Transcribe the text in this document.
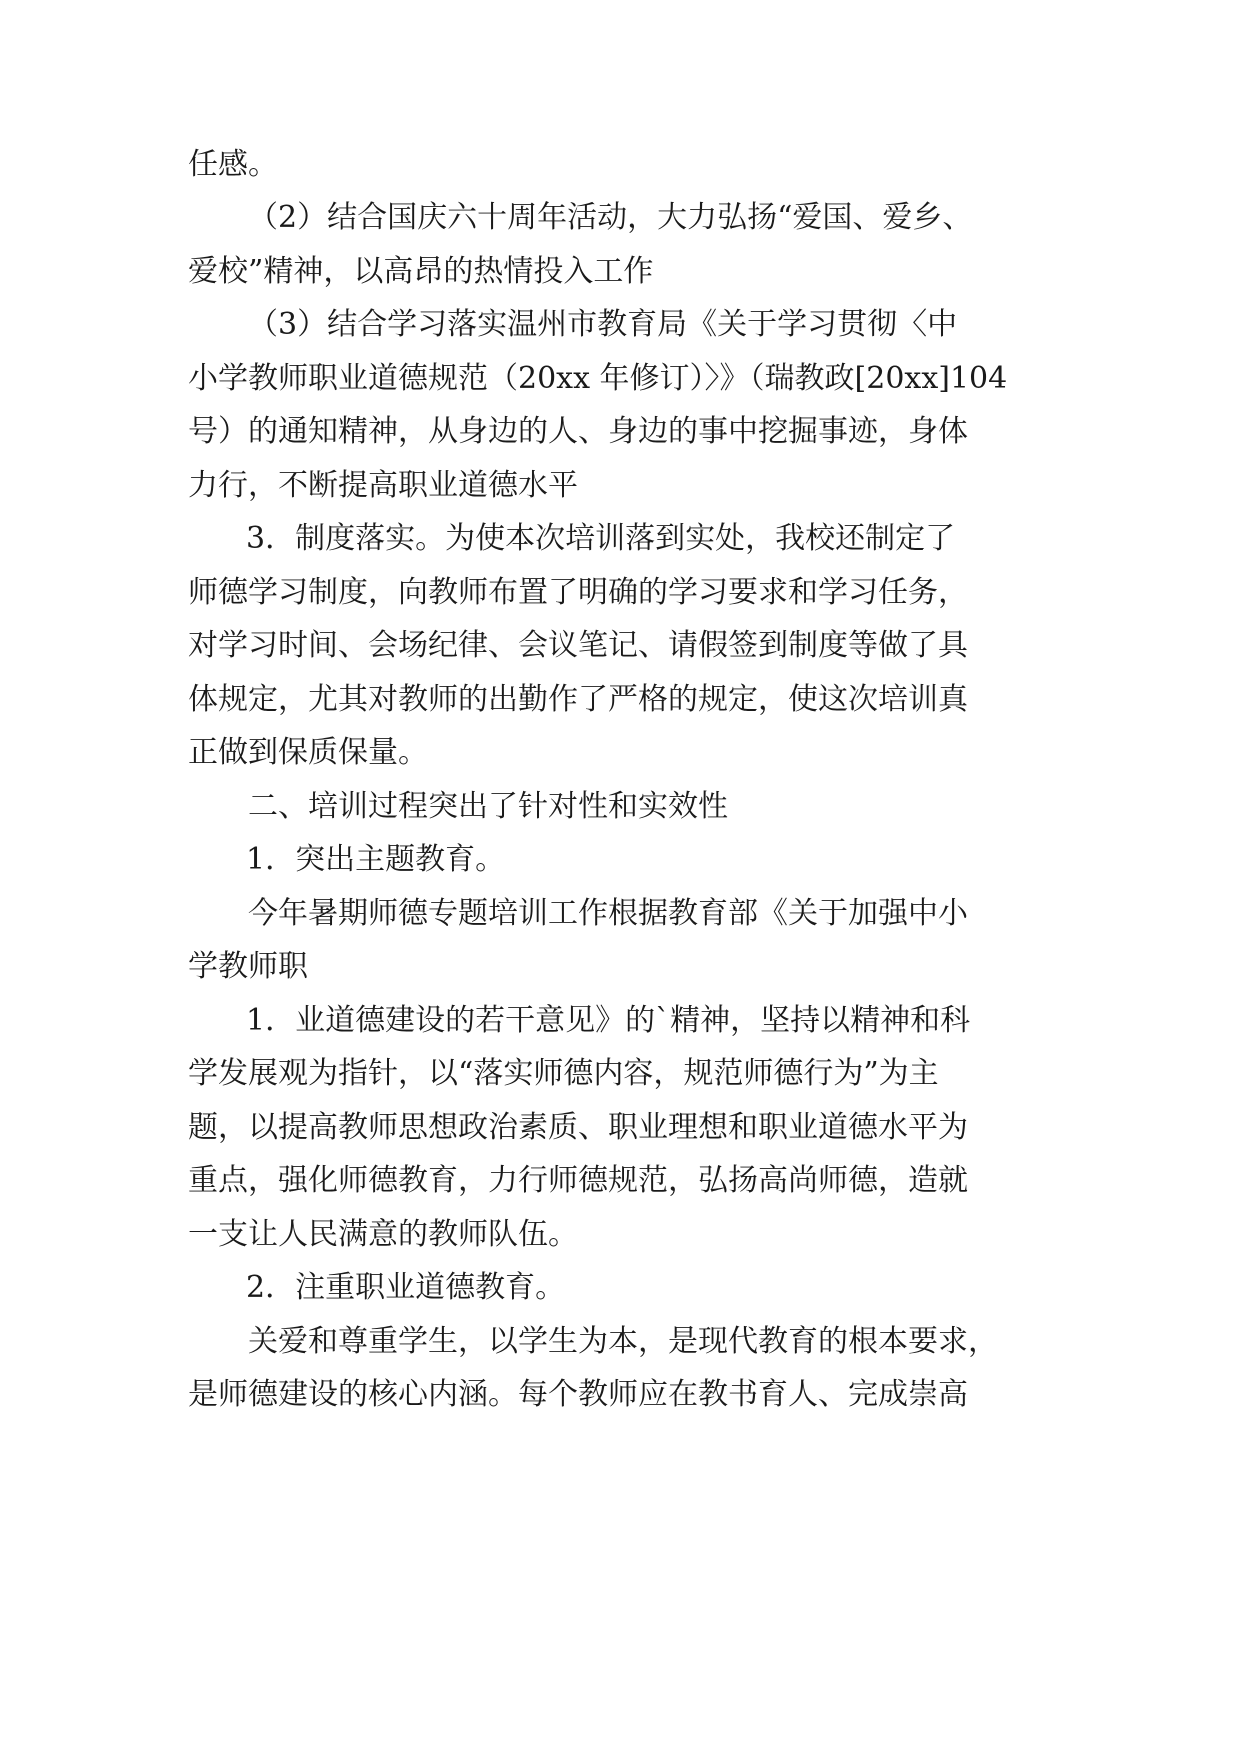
任感。
（2）结合国庆六十周年活动，大力弘扬“爱国、爱乡、
爱校”精神，以高昂的热情投入工作
（3）结合学习落实温州市教育局《关于学习贯彻〈中
小学教师职业道德规范（20xx 年修订）〉》（瑞教政[20xx]104
号）的通知精神，从身边的人、身边的事中挖掘事迹，身体
力行，不断提高职业道德水平
3．制度落实。为使本次培训落到实处，我校还制定了
师德学习制度，向教师布置了明确的学习要求和学习任务，
对学习时间、会场纪律、会议笔记、请假签到制度等做了具
体规定，尤其对教师的出勤作了严格的规定，使这次培训真
正做到保质保量。
二、培训过程突出了针对性和实效性
1．突出主题教育。
今年暑期师德专题培训工作根据教育部《关于加强中小
学教师职
1．业道德建设的若干意见》的`精神，坚持以精神和科
学发展观为指针，以“落实师德内容，规范师德行为”为主
题，以提高教师思想政治素质、职业理想和职业道德水平为
重点，强化师德教育，力行师德规范，弘扬高尚师德，造就
一支让人民满意的教师队伍。
2．注重职业道德教育。
关爱和尊重学生，以学生为本，是现代教育的根本要求，
是师德建设的核心内涵。每个教师应在教书育人、完成崇高
